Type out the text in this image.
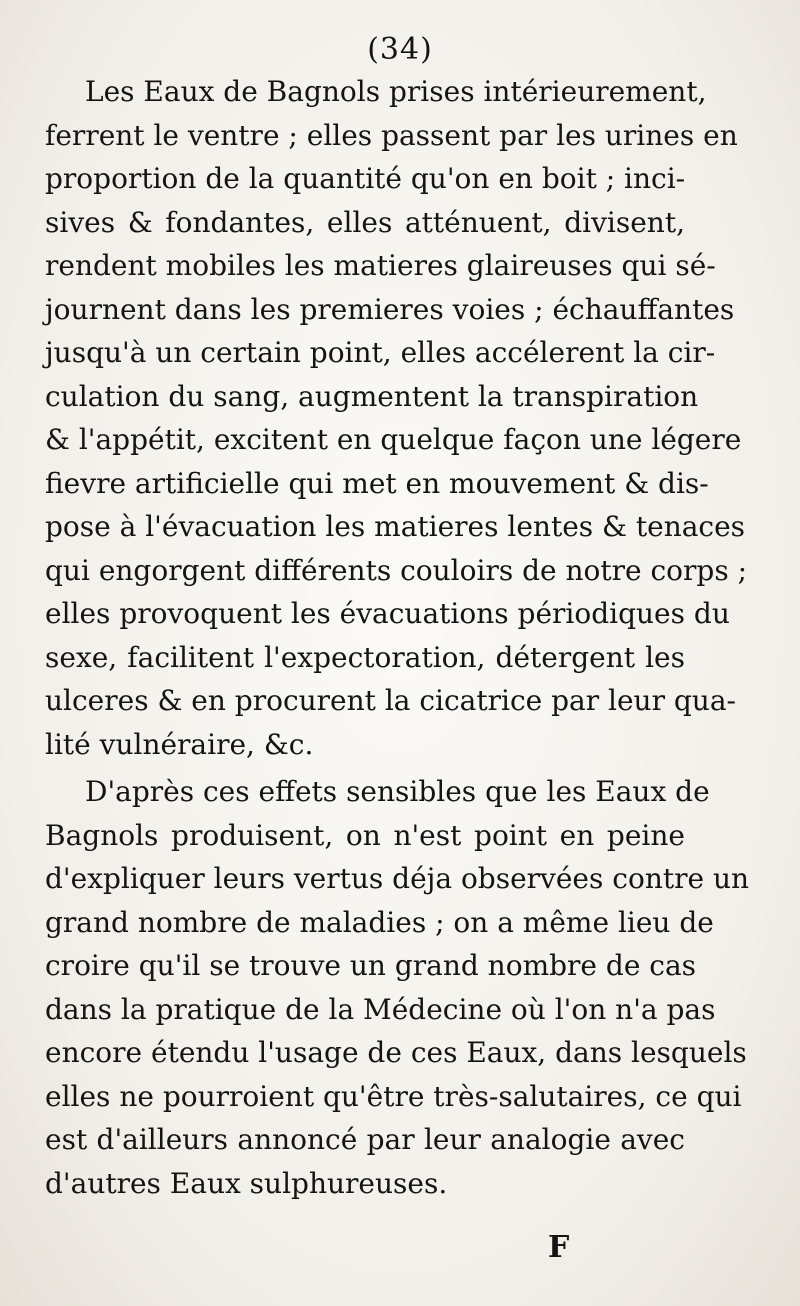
(34)
Les Eaux de Bagnols prises intérieurement,
ferrent le ventre ; elles passent par les urines en
proportion de la quantité qu'on en boit ; inci-
sives & fondantes, elles atténuent, divisent,
rendent mobiles les matieres glaireuses qui sé-
journent dans les premieres voies ; échauffantes
jusqu'à un certain point, elles accélerent la cir-
culation du sang, augmentent la transpiration
& l'appétit, excitent en quelque façon une légere
fievre artificielle qui met en mouvement & dis-
pose à l'évacuation les matieres lentes & tenaces
qui engorgent différents couloirs de notre corps ;
elles provoquent les évacuations périodiques du
sexe, facilitent l'expectoration, détergent les
ulceres & en procurent la cicatrice par leur qua-
lité vulnéraire, &c.
D'après ces effets sensibles que les Eaux de
Bagnols produisent, on n'est point en peine
d'expliquer leurs vertus déja observées contre un
grand nombre de maladies ; on a même lieu de
croire qu'il se trouve un grand nombre de cas
dans la pratique de la Médecine où l'on n'a pas
encore étendu l'usage de ces Eaux, dans lesquels
elles ne pourroient qu'être très-salutaires, ce qui
est d'ailleurs annoncé par leur analogie avec
d'autres Eaux sulphureuses.
F
